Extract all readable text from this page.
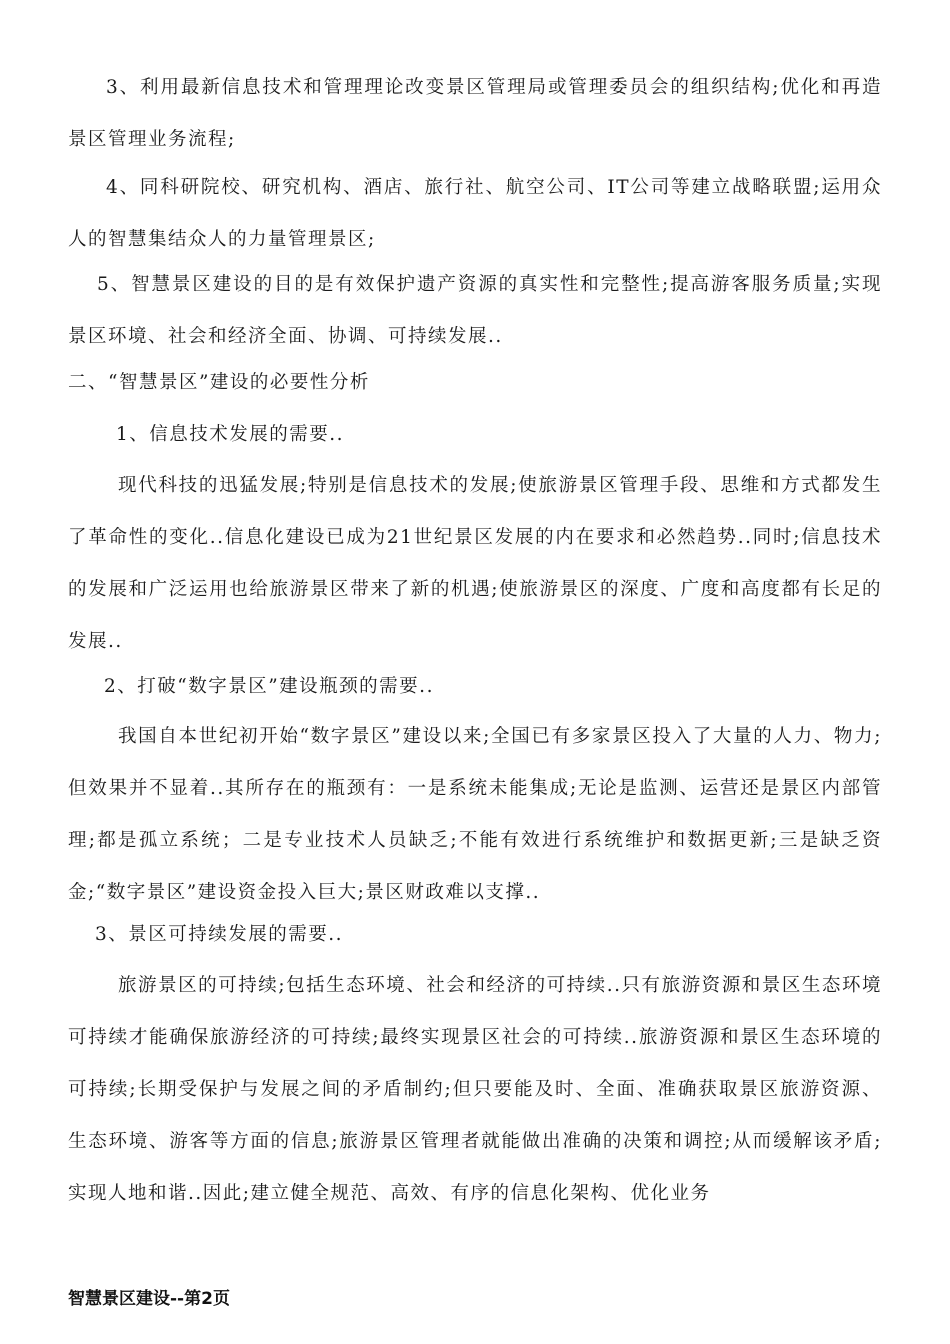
3、利用最新信息技术和管理理论改变景区管理局或管理委员会的组织结构;优化和再造景区管理业务流程;

4、同科研院校、研究机构、酒店、旅行社、航空公司、IT公司等建立战略联盟;运用众人的智慧集结众人的力量管理景区;

5、智慧景区建设的目的是有效保护遗产资源的真实性和完整性;提高游客服务质量;实现景区环境、社会和经济全面、协调、可持续发展..

二、“智慧景区”建设的必要性分析

1、信息技术发展的需要..

现代科技的迅猛发展;特别是信息技术的发展;使旅游景区管理手段、思维和方式都发生了革命性的变化..信息化建设已成为21世纪景区发展的内在要求和必然趋势..同时;信息技术的发展和广泛运用也给旅游景区带来了新的机遇;使旅游景区的深度、广度和高度都有长足的发展..

2、打破“数字景区”建设瓶颈的需要..

我国自本世纪初开始“数字景区”建设以来;全国已有多家景区投入了大量的人力、物力;但效果并不显着..其所存在的瓶颈有：一是系统未能集成;无论是监测、运营还是景区内部管理;都是孤立系统；二是专业技术人员缺乏;不能有效进行系统维护和数据更新;三是缺乏资金;“数字景区”建设资金投入巨大;景区财政难以支撑..

3、景区可持续发展的需要..

旅游景区的可持续;包括生态环境、社会和经济的可持续..只有旅游资源和景区生态环境可持续才能确保旅游经济的可持续;最终实现景区社会的可持续..旅游资源和景区生态环境的可持续;长期受保护与发展之间的矛盾制约;但只要能及时、全面、准确获取景区旅游资源、生态环境、游客等方面的信息;旅游景区管理者就能做出准确的决策和调控;从而缓解该矛盾;实现人地和谐..因此;建立健全规范、高效、有序的信息化架构、优化业务

智慧景区建设--第2页
